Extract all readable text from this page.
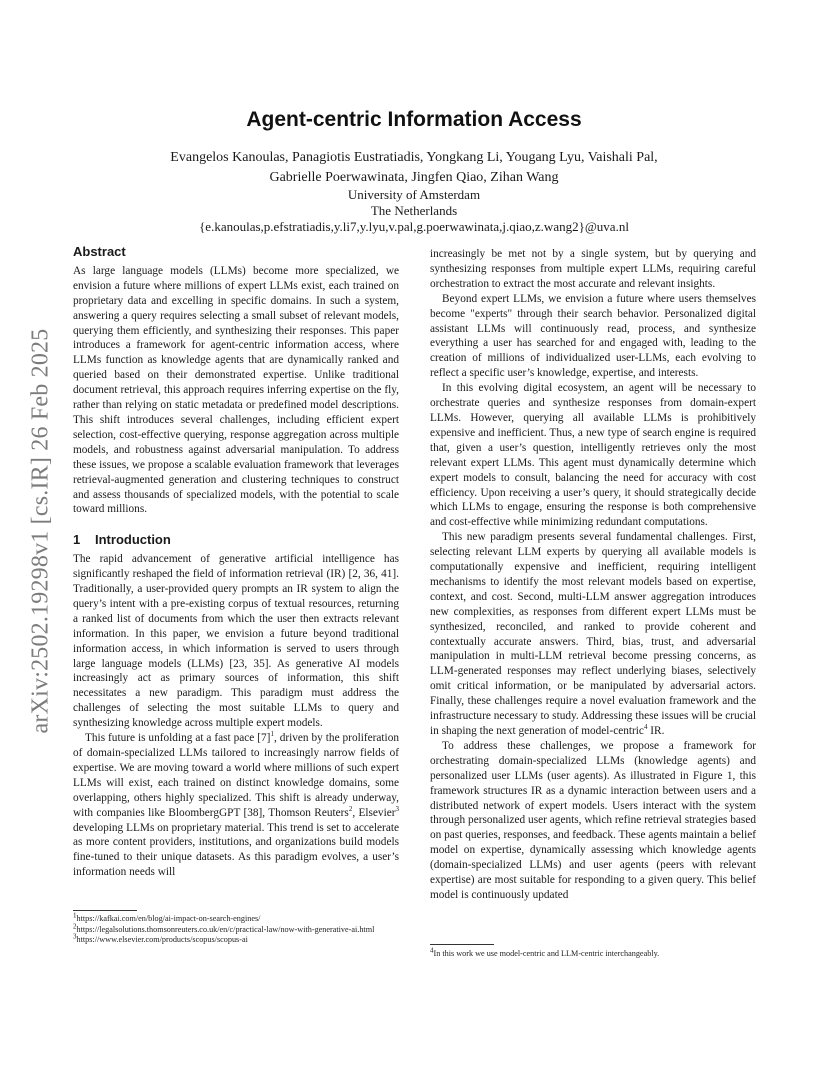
arXiv:2502.19298v1 [cs.IR] 26 Feb 2025
Agent-centric Information Access
Evangelos Kanoulas, Panagiotis Eustratiadis, Yongkang Li, Yougang Lyu, Vaishali Pal,
Gabrielle Poerwawinata, Jingfen Qiao, Zihan Wang
University of Amsterdam
The Netherlands
{e.kanoulas,p.efstratiadis,y.li7,y.lyu,v.pal,g.poerwawinata,j.qiao,z.wang2}@uva.nl
Abstract

As large language models (LLMs) become more specialized, we envision a future where millions of expert LLMs exist, each trained on proprietary data and excelling in specific domains. In such a system, answering a query requires selecting a small subset of relevant models, querying them efficiently, and synthesizing their responses. This paper introduces a framework for agent-centric information access, where LLMs function as knowledge agents that are dynamically ranked and queried based on their demonstrated expertise. Unlike traditional document retrieval, this approach requires inferring expertise on the fly, rather than relying on static metadata or predefined model descriptions. This shift introduces several challenges, including efficient expert selection, cost-effective querying, response aggregation across multiple models, and robustness against adversarial manipulation. To address these issues, we propose a scalable evaluation framework that leverages retrieval-augmented generation and clustering techniques to construct and assess thousands of specialized models, with the potential to scale toward millions.

1 Introduction

The rapid advancement of generative artificial intelligence has significantly reshaped the field of information retrieval (IR) [2, 36, 41]. Traditionally, a user-provided query prompts an IR system to align the query’s intent with a pre-existing corpus of textual resources, returning a ranked list of documents from which the user then extracts relevant information. In this paper, we envision a future beyond traditional information access, in which information is served to users through large language models (LLMs) [23, 35]. As generative AI models increasingly act as primary sources of information, this shift necessitates a new paradigm. This paradigm must address the challenges of selecting the most suitable LLMs to query and synthesizing knowledge across multiple expert models.

This future is unfolding at a fast pace $[7]^1$, driven by the proliferation of domain-specialized LLMs tailored to increasingly narrow fields of expertise. We are moving toward a world where millions of such expert LLMs will exist, each trained on distinct knowledge domains, some overlapping, others highly specialized. This shift is already underway, with companies like BloombergGPT [38], Thomson Reuters$^2$, Elsevier$^3$ developing LLMs on proprietary material. This trend is set to accelerate as more content providers, institutions, and organizations build models fine-tuned to their unique datasets. As this paradigm evolves, a user’s information needs will

increasingly be met not by a single system, but by querying and synthesizing responses from multiple expert LLMs, requiring careful orchestration to extract the most accurate and relevant insights.

Beyond expert LLMs, we envision a future where users themselves become "experts" through their search behavior. Personalized digital assistant LLMs will continuously read, process, and synthesize everything a user has searched for and engaged with, leading to the creation of millions of individualized user-LLMs, each evolving to reflect a specific user’s knowledge, expertise, and interests.

In this evolving digital ecosystem, an agent will be necessary to orchestrate queries and synthesize responses from domain-expert LLMs. However, querying all available LLMs is prohibitively expensive and inefficient. Thus, a new type of search engine is required that, given a user’s question, intelligently retrieves only the most relevant expert LLMs. This agent must dynamically determine which expert models to consult, balancing the need for accuracy with cost efficiency. Upon receiving a user’s query, it should strategically decide which LLMs to engage, ensuring the response is both comprehensive and cost-effective while minimizing redundant computations.

This new paradigm presents several fundamental challenges. First, selecting relevant LLM experts by querying all available models is computationally expensive and inefficient, requiring intelligent mechanisms to identify the most relevant models based on expertise, context, and cost. Second, multi-LLM answer aggregation introduces new complexities, as responses from different expert LLMs must be synthesized, reconciled, and ranked to provide coherent and contextually accurate answers. Third, bias, trust, and adversarial manipulation in multi-LLM retrieval become pressing concerns, as LLM-generated responses may reflect underlying biases, selectively omit critical information, or be manipulated by adversarial actors. Finally, these challenges require a novel evaluation framework and the infrastructure necessary to study. Addressing these issues will be crucial in shaping the next generation of model-centric$^4$ IR.

To address these challenges, we propose a framework for orchestrating domain-specialized LLMs (knowledge agents) and personalized user LLMs (user agents). As illustrated in Figure 1, this framework structures IR as a dynamic interaction between users and a distributed network of expert models. Users interact with the system through personalized user agents, which refine retrieval strategies based on past queries, responses, and feedback. These agents maintain a belief model on expertise, dynamically assessing which knowledge agents (domain-specialized LLMs) and user agents (peers with relevant expertise) are most suitable for responding to a given query. This belief model is continuously updated

$^1$https://kafkai.com/en/blog/ai-impact-on-search-engines/
$^2$https://legalsolutions.thomsonreuters.co.uk/en/c/practical-law/now-with-generative-ai.html
$^3$https://www.elsevier.com/products/scopus/scopus-ai
$^4$In this work we use model-centric and LLM-centric interchangeably.
